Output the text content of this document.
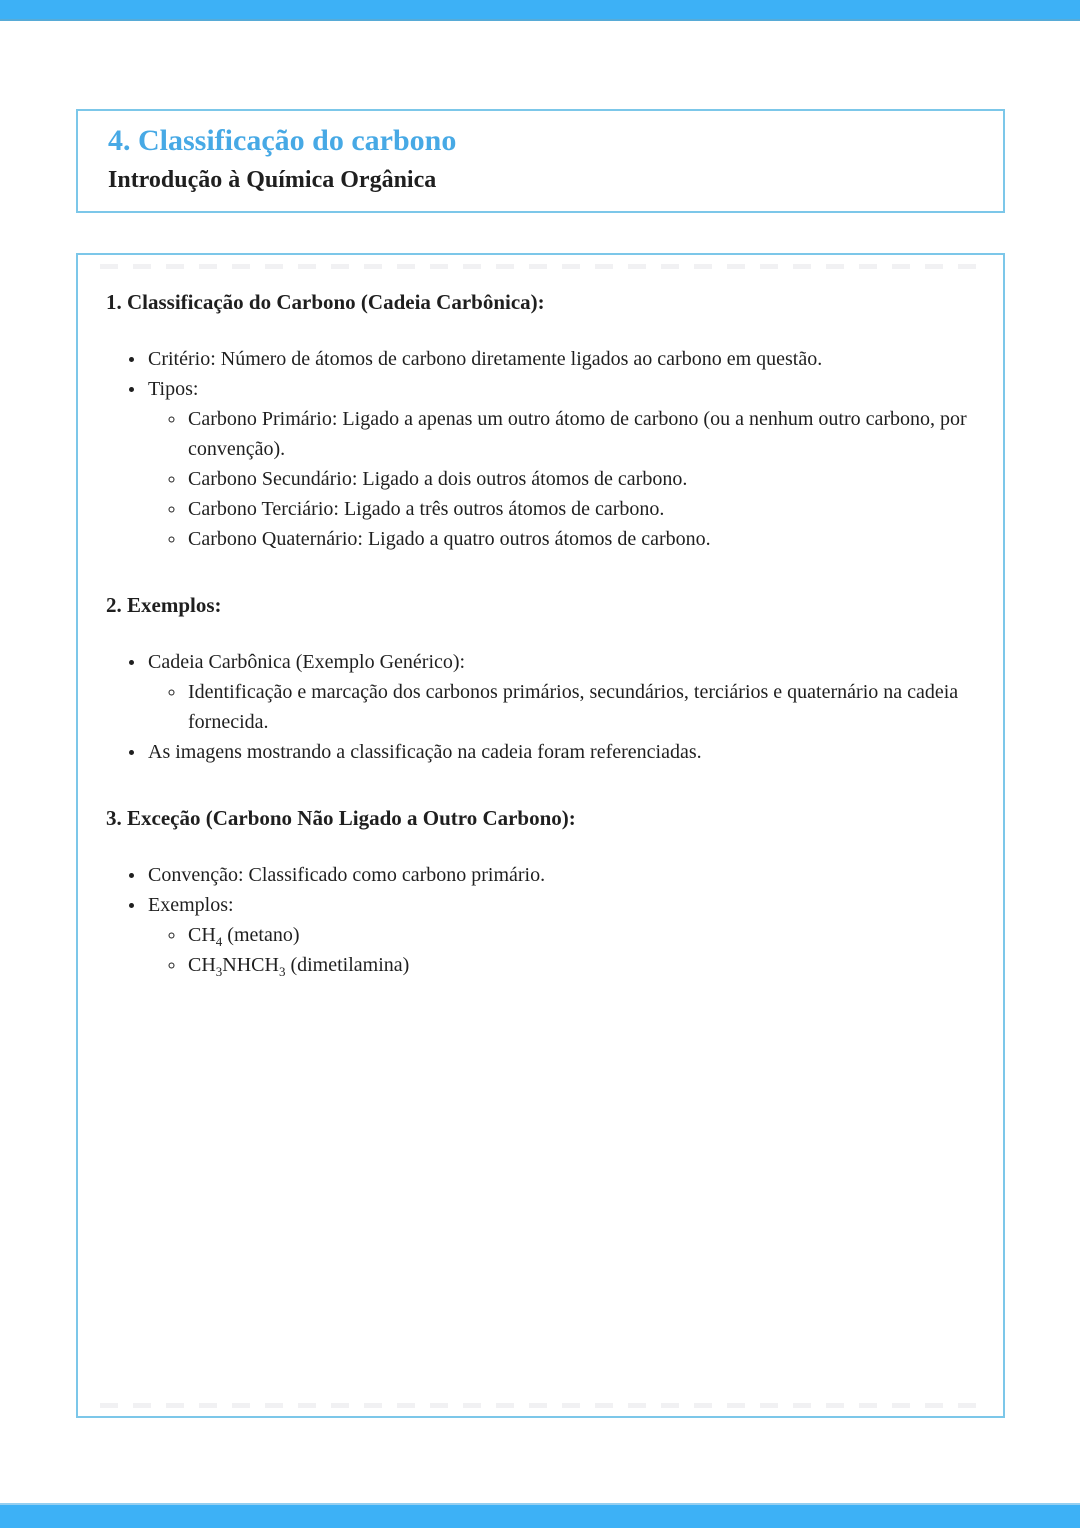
4. Classificação do carbono
Introdução à Química Orgânica
1. Classificação do Carbono (Cadeia Carbônica):
• Critério: Número de átomos de carbono diretamente ligados ao carbono em questão.
• Tipos:
◦ Carbono Primário: Ligado a apenas um outro átomo de carbono (ou a nenhum outro carbono, por convenção).
◦ Carbono Secundário: Ligado a dois outros átomos de carbono.
◦ Carbono Terciário: Ligado a três outros átomos de carbono.
◦ Carbono Quaternário: Ligado a quatro outros átomos de carbono.
2. Exemplos:
• Cadeia Carbônica (Exemplo Genérico):
◦ Identificação e marcação dos carbonos primários, secundários, terciários e quaternário na cadeia fornecida.
• As imagens mostrando a classificação na cadeia foram referenciadas.
3. Exceção (Carbono Não Ligado a Outro Carbono):
• Convenção: Classificado como carbono primário.
• Exemplos:
◦ $CH_4$ (metano)
◦ $CH_3NHCH_3$ (dimetilamina)
